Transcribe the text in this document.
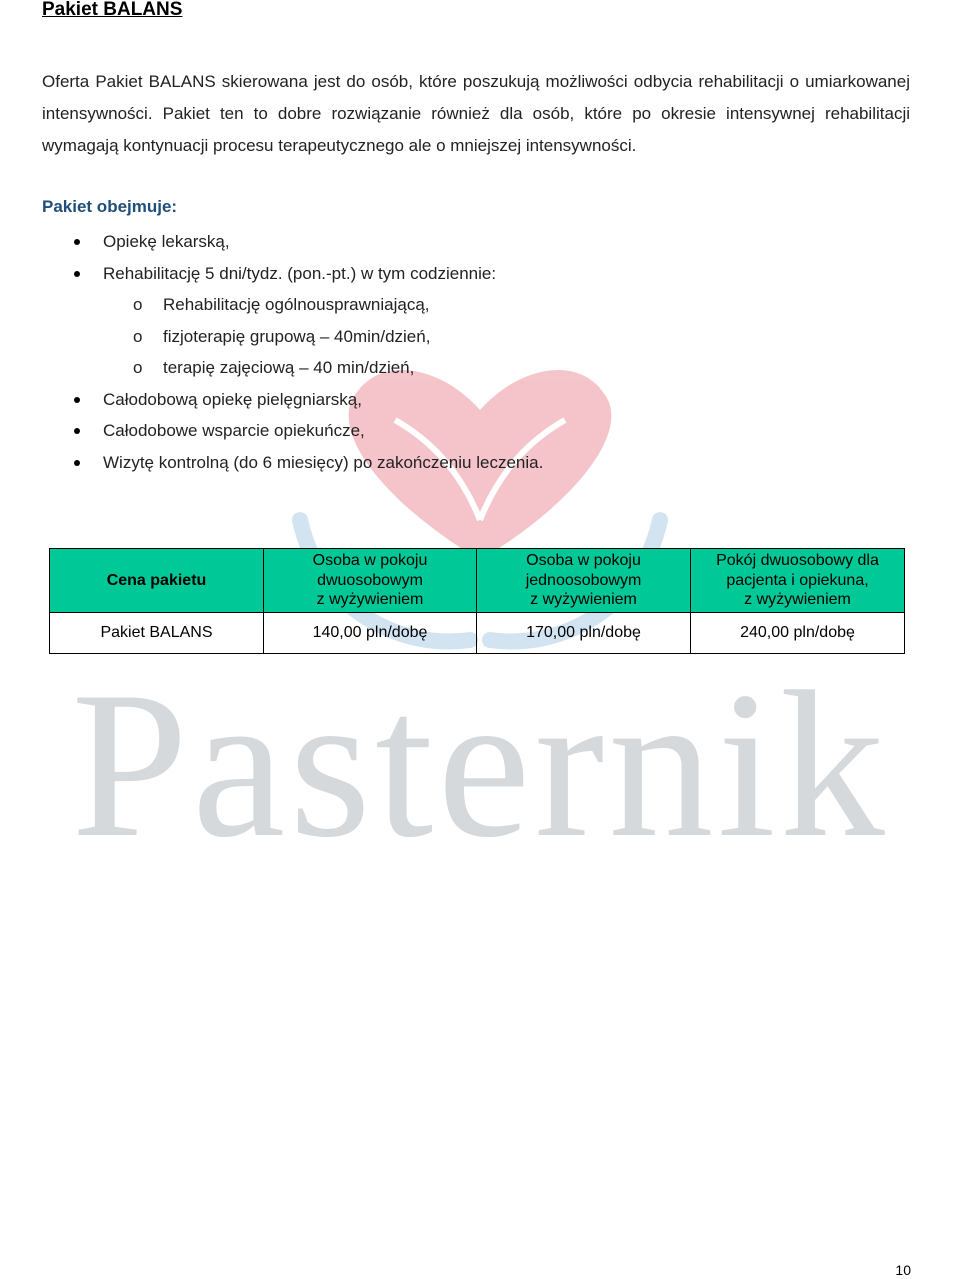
Pasternik
Pakiet BALANS

Oferta Pakiet BALANS skierowana jest do osób, które poszukują możliwości odbycia rehabilitacji o umiarkowanej intensywności. Pakiet ten to dobre rozwiązanie również dla osób, które po okresie intensywnej rehabilitacji wymagają kontynuacji procesu terapeutycznego ale o mniejszej intensywności.

Pakiet obejmuje:
Opiekę lekarską,
Rehabilitację 5 dni/tydz. (pon.-pt.) w tym codziennie:
o Rehabilitację ogólnousprawniającą,
o fizjoterapię grupową – 40min/dzień,
o terapię zajęciową – 40 min/dzień,
Całodobową opiekę pielęgniarską,
Całodobowe wsparcie opiekuńcze,
Wizytę kontrolną (do 6 miesięcy) po zakończeniu leczenia.
Cena pakietu	Osoba w pokoju
dwuosobowym
z wyżywieniem	Osoba w pokoju
jednoosobowym
z wyżywieniem	Pokój dwuosobowy dla
pacjenta i opiekuna,
z wyżywieniem

Pakiet BALANS	140,00 pln/dobę	170,00 pln/dobę	240,00 pln/dobę

10
